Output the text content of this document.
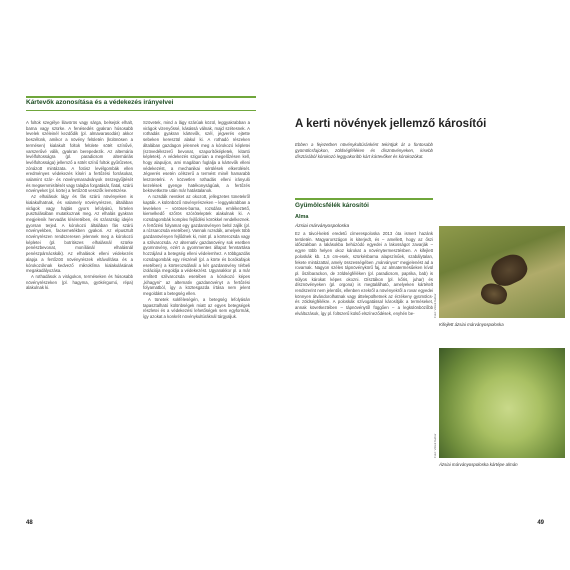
Kártevők azonosítása és a védekezés irányelvei

A foltok szegélye lilavörös vagy sárga, belsejük elhalt, barna vagy szürke. A fenésedés gyakran húsosabb levelek széleinél kezdődik (pl. almavarasodás) akkor beszélünk, amikor a növény felületén (különösen a termésen) kialakult foltok felülete sötét színűvé, varszerűvé válik, gyakran berepedezik. Az alternária levélfoltosságra (pl. paradicsom alternáriás levélfoltossága) jellemző a sötét színű foltok gyűrűzetes, zónázott mintázata. A fotósz levélgombák ellen eredményes védekezés kíséri a fertőzési forrásokat, valamint szár- és növénymaradványok összegyűjtését és megsemmisítését vagy talajba forgatását, fiatal, szárú növényeket (pl. körte) a fertőzött vesszők lemetszése.

Az elhalások lágy és fás szárú növényeken is kialakulhatnak, és valamely növényrészen, általában virágok vagy hajtás gyors lefolyású, hirtelen pusztulásában mutatkoznak meg. Az elhalás gyakran megjelenik hervadás kíséretében, és szárazság idején gyorsan terjed. A kórokozó általában fás szárú növényekben, facsemetékben gyakori. Az elpusztult növényrészen rendszeresen jelennek meg a kórokozó képletei (pl. botritiszes elhalásnál szürke penészbevonat, moníliánál elhalásnál penészpárnácskák). Az elhalások elleni védekezés alapja a fertőzött növényrészek eltávolítása és a kórokozóknak kedvező mikroklíma kialakulásának megakadályozása.

A rothadások a virágokon, terméseken és húsosabb növényrészeken (pl. hagyma, gyökérgumó, répa) alakulnak ki.

Szövetek, mind a lágy szárúak közül, leggyakrabban a virágok vizenyőssé, kásássá válnak, majd szétesnek. A rothadás gyakran kártevők, szél, jégverés ejtette sebeken keresztül alakul ki. A rothadó részeken általában gazdagon jelennek meg a kórokozó képletei (szövedékszerű bevonat, szaporítóképletek, kitartó képletek). A védekezés szigorúan a megelőzésen kell, hogy alapuljon, ami magában foglalja a kártevők elleni védekezést, a mechanikai sérülések elkerülését. Jégverés esetén célszerű a termést minél hamarabb leszüretelni. A közvetlen rothadás elleni irányuló kezelések gyenge hatékonyságúak, a fertőzés bekövetkezte után már hatástalanok.

A rozsdák nevüket az okozott, jellegzetes tünetekről kapták. A különböző növényrészeken – leggyakrabban a leveleken – vöröses-barna, rozsdára emlékeztető, kiemelkedő szőrös szóróteleptek alakulnak ki. A rozsdagombák komplex fejlődési körökkel rendelkeznek. A fertőzési folyamat egy gazdanövényen belül zajlik (pl. a rózsarozsda esetében). Vannak rozsdák, amelyek több gazdanövényen fejlődnek ki, mint pl. a körterozsda vagy a szilvarozsda. Az alternatív gazdanövény sok esetben gyomnövény, ezért a gyommentes állapot fenntartása hozzájárul a betegség elleni védelemhez. A többgazdás rozsdagombák egy részénél (pl. a körte és borókafajok esetében) a körterozsdánál a két gazdanövény térbeli izolációja megoldja a védekezést. Ugyanakkor pl. a már említett szilvarozsda esetében a kórokozó képes „kihagyni” az alternatív gazdanövényt a fertőzési folyamatból, így a köztesgazda írtása nem jelent megoldást a betegség ellen.

A tünetek sokféleségén, a betegség lefolyásán tapasztalható különbségek miatt az egyes betegségek részletei és a védekezési lehetőségek sem egyformák, így azokat a konkrét növénykultúráknál tárgyaljuk.

48
A kerti növények jellemző károsítói
Ebben a fejezetben növénykultúránként tekintjük át a fontosabb gyümölcsfajokon, zöldségféléken és dísznövényeken, kisebb dísztárából kórokozó leggyakoribb kárt kártevőket és kórokozókat.
Gyümölcsfélék károsítói
Alma
Ázsiai márványospoloska

Ez a távol-keleti eredetű címerespoloska 2013 óta ismert hazánk területén. Magyarországon is kiterjedt, és – amellett, hogy az őszi időszakban a lakásokba behúzódó egyedei a lakosságot zavarják – egyre több helyen okoz károkat a növénytermesztésben. A kifejlett poloskák kb. 1,5 cm-esek, szürkésbarna alapszínűek, szabálytalan, fekete mintázattal, amely összességében „márványos” megjelenést ad a rovarnak. Nagyon széles tápnövénykörű faj, az almatermésűeken kívül pl. őszibarackon, de zöldségféléken (pl. paradicsom, paprika, bab) is súlyos károkat képes okozni. Dísztákon (pl. kőris, juhar) és dísznövényeken (pl. orgona) is megtalálható, amelyeken kártételt rendszerint nem jelentős, ellenben ezekről a növényekről a rovar egyedei könnyen átvándorolhatnak vagy áttelepülhetnek az érzékeny gyümölcs- és zöldségfélékre. A poloskák szívogatással károsítják a terméseket, annak következtében – tápnövénytől függően – a legkülönbözőbb elváltozások, így pl. foltszerű külső elszíneződések, enyhén be-	Fotó: Vétek Gábor
Kifejlett ázsiai márványospoloska
Fotó: Vétek Gábor
Ázsiai márványospoloska kártépe almán
49
